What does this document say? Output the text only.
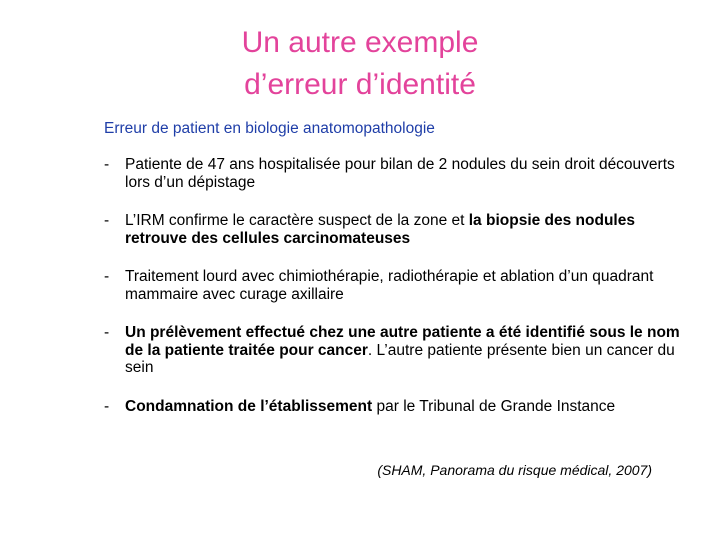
Un autre exemple
d’erreur d’identité
Erreur de patient en biologie anatomopathologie
- Patiente de 47 ans hospitalisée pour bilan de 2 nodules du sein droit découverts lors d’un dépistage
- L’IRM confirme le caractère suspect de la zone et la biopsie des nodules retrouve des cellules carcinomateuses
- Traitement lourd avec chimiothérapie, radiothérapie et ablation d’un quadrant mammaire avec curage axillaire
- Un prélèvement effectué chez une autre patiente a été identifié sous le nom de la patiente traitée pour cancer. L’autre patiente présente bien un cancer du sein
- Condamnation de l’établissement par le Tribunal de Grande Instance
(SHAM, Panorama du risque médical, 2007)
